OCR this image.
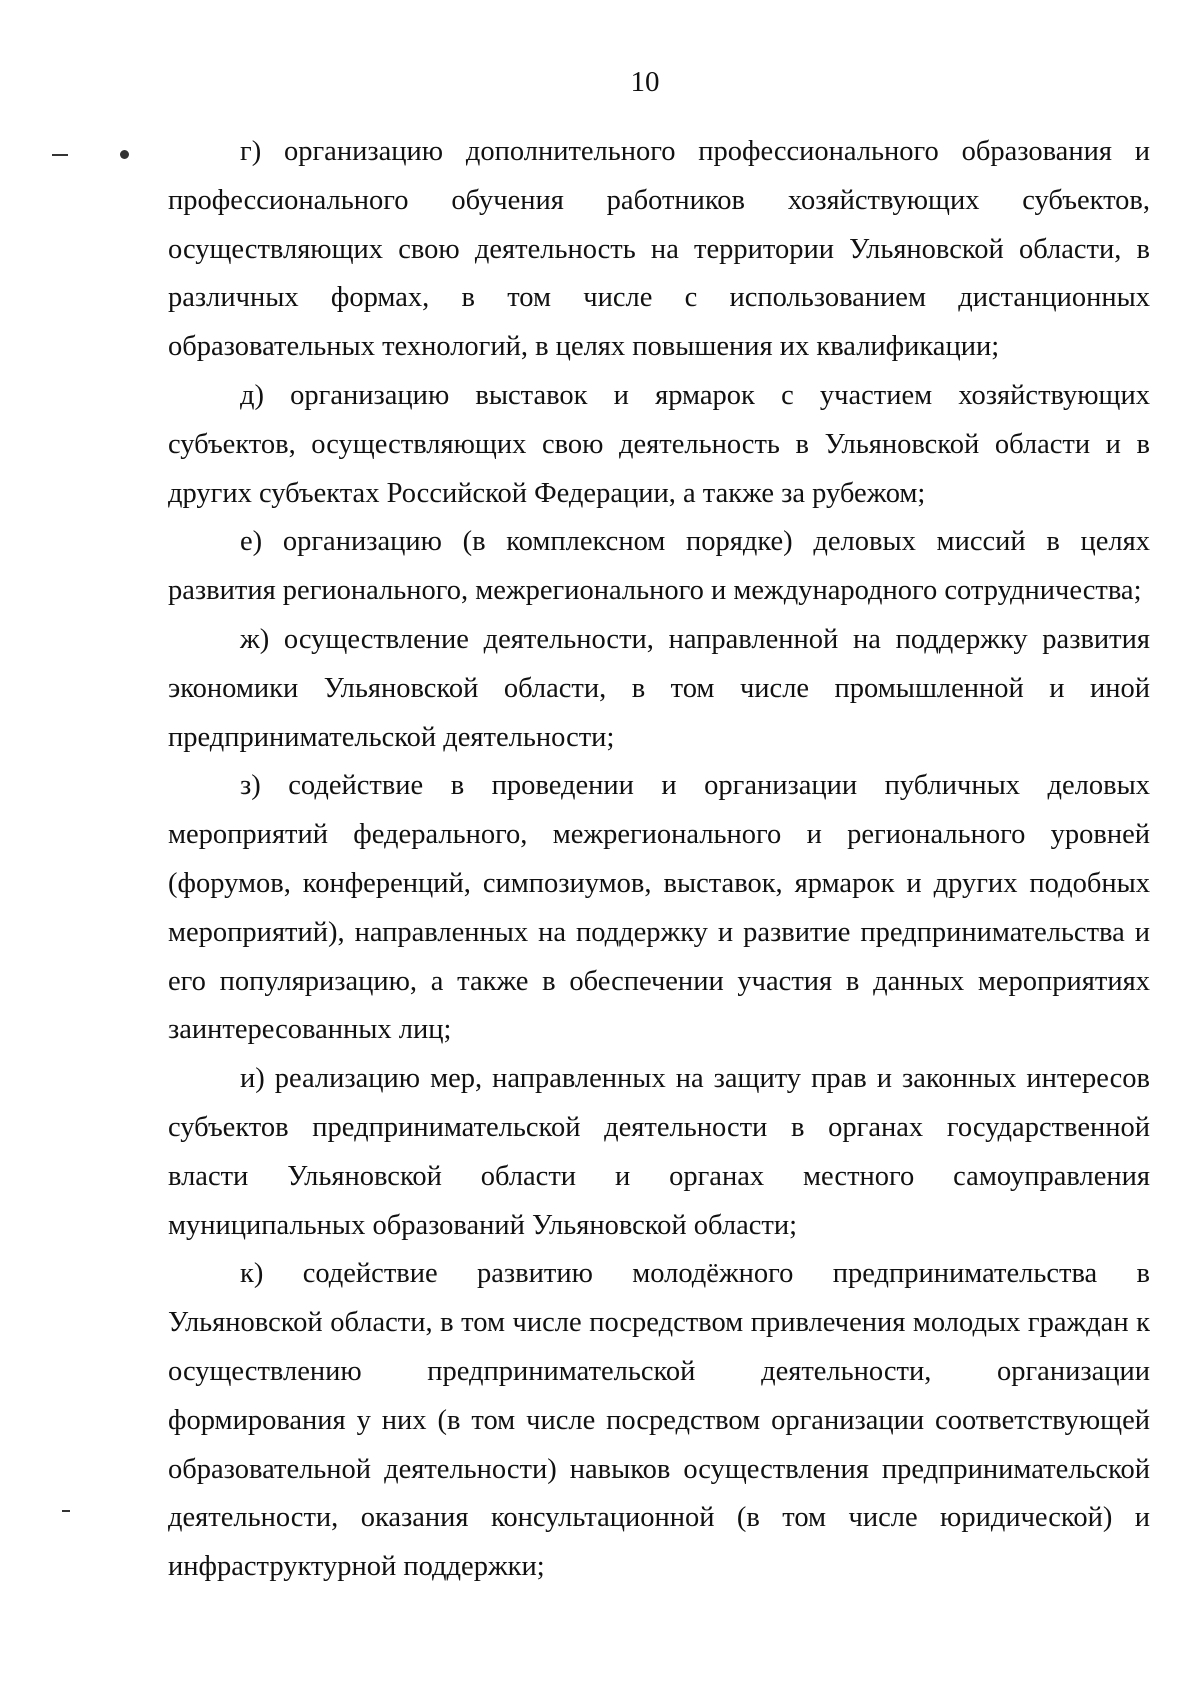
10

г) организацию дополнительного профессионального образования и профессионального обучения работников хозяйствующих субъектов, осуществляющих свою деятельность на территории Ульяновской области, в различных формах, в том числе с использованием дистанционных образовательных технологий, в целях повышения их квалификации;

д) организацию выставок и ярмарок с участием хозяйствующих субъектов, осуществляющих свою деятельность в Ульяновской области и в других субъектах Российской Федерации, а также за рубежом;

е) организацию (в комплексном порядке) деловых миссий в целях развития регионального, межрегионального и международного сотрудничества;

ж) осуществление деятельности, направленной на поддержку развития экономики Ульяновской области, в том числе промышленной и иной предпринимательской деятельности;

з) содействие в проведении и организации публичных деловых мероприятий федерального, межрегионального и регионального уровней (форумов, конференций, симпозиумов, выставок, ярмарок и других подобных мероприятий), направленных на поддержку и развитие предпринимательства и его популяризацию, а также в обеспечении участия в данных мероприятиях заинтересованных лиц;

и) реализацию мер, направленных на защиту прав и законных интересов субъектов предпринимательской деятельности в органах государственной власти Ульяновской области и органах местного самоуправления муниципальных образований Ульяновской области;

к) содействие развитию молодёжного предпринимательства в Ульяновской области, в том числе посредством привлечения молодых граждан к осуществлению предпринимательской деятельности, организации формирования у них (в том числе посредством организации соответствующей образовательной деятельности) навыков осуществления предпринимательской деятельности, оказания консультационной (в том числе юридической) и инфраструктурной поддержки;
